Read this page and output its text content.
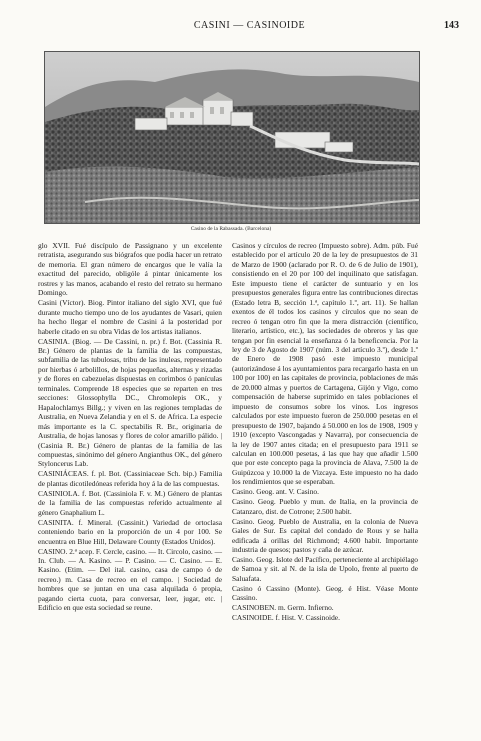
CASINI — CASINOIDE	143
Casino de la Rabassada. (Barcelona)

glo XVII. Fué discípulo de Passignano y un excelente retratista, asegurando sus biógrafos que podía hacer un retrato de memoria. El gran número de encargos que le valía la exactitud del parecido, obligóle á pintar únicamente los rostres y las manos, acabando el resto del retrato su hermano Domingo.

Casini (Víctor). Biog. Pintor italiano del siglo XVI, que fué durante mucho tiempo uno de los ayudantes de Vasari, quien ha hecho llegar el nombre de Casini á la posteridad por haberle citado en su obra Vidas de los artistas italianos.

CASINIA. (Biog. — De Cassini, n. pr.) f. Bot. (Cassinia R. Br.) Género de plantas de la familia de las compuestas, subfamilia de las tubulosas, tribu de las inuleas, representado por hierbas ó arbolillos, de hojas pequeñas, alternas y rizadas y de flores en cabezuelas dispuestas en corimbos ó panículas terminales. Comprende 18 especies que se reparten en tres secciones: Glossophylla DC., Chromolepis OK., y Hapalochlamys Billg.; y viven en las regiones templadas de Australia, en Nueva Zelandia y en el S. de Africa. La especie más importante es la C. spectabilis R. Br., originaria de Australia, de hojas lanosas y flores de color amarillo pálido. | (Casinia R. Br.) Género de plantas de la familia de las compuestas, sinónimo del género Angianthus OK., del género Styloncerus Lab.

CASINIÁCEAS. f. pl. Bot. (Cassiniaceae Sch. bip.) Familia de plantas dicotiledóneas referida hoy á la de las compuestas.

CASINIOLA. f. Bot. (Cassiniola F. v. M.) Género de plantas de la familia de las compuestas referido actualmente al género Gnaphalium L.

CASINITA. f. Mineral. (Cassinit.) Variedad de ortoclasa conteniendo bario en la proporción de un 4 por 100. Se encuentra en Blue Hill, Delaware County (Estados Unidos).

CASINO. 2.ª acep. F. Cercle, casino. — It. Circolo, casino. — In. Club. — A. Kasino. — P. Casino. — C. Casino. — E. Kasino. (Etim. — Del ital. casino, casa de campo ó de recreo.) m. Casa de recreo en el campo. | Sociedad de hombres que se juntan en una casa alquilada ó propia, pagando cierta cuota, para conversar, leer, jugar, etc. | Edificio en que esta sociedad se reune.

Casinos y círculos de recreo (Impuesto sobre). Adm. púb. Fué establecido por el artículo 20 de la ley de presupuestos de 31 de Marzo de 1900 (aclarado por R. O. de 6 de Julio de 1901), consistiendo en el 20 por 100 del inquilinato que satisfagan. Este impuesto tiene el carácter de suntuario y en los presupuestos generales figura entre las contribuciones directas (Estado letra B, sección 1.ª, capítulo 1.º, art. 11). Se hallan exentos de él todos los casinos y círculos que no sean de recreo ó tengan otro fin que la mera distracción (científico, literario, artístico, etc.), las sociedades de obreros y las que tengan por fin esencial la enseñanza ó la beneficencia. Por la ley de 3 de Agosto de 1907 (núm. 3 del artículo 3.º), desde 1.º de Enero de 1908 pasó este impuesto municipal (autorizándose á los ayuntamientos para recargarlo hasta en un 100 por 100) en las capitales de provincia, poblaciones de más de 20.000 almas y puertos de Cartagena, Gijón y Vigo, como compensación de haberse suprimido en tales poblaciones el impuesto de consumos sobre los vinos. Los ingresos calculados por este impuesto fueron de 250.000 pesetas en el presupuesto de 1907, bajando á 50.000 en los de 1908, 1909 y 1910 (excepto Vascongadas y Navarra), por consecuencia de la ley de 1907 antes citada; en el presupuesto para 1911 se calculan en 100.000 pesetas, á las que hay que añadir 1.500 que por este concepto paga la provincia de Alava, 7.500 la de Guipúzcoa y 10.000 la de Vizcaya. Este impuesto no ha dado los rendimientos que se esperaban.

Casino. Geog. ant. V. Casino.

Casino. Geog. Pueblo y mun. de Italia, en la provincia de Catanzaro, dist. de Cotrone; 2.500 habit.

Casino. Geog. Pueblo de Australia, en la colonia de Nueva Gales de Sur. Es capital del condado de Rous y se halla edificada á orillas del Richmond; 4.600 habit. Importante industria de quesos; pastos y caña de azúcar.

Casino. Geog. Islote del Pacífico, perteneciente al archipiélago de Samoa y sit. al N. de la isla de Upolo, frente al puerto de Saluafata.

Casino ó Cassino (Monte). Geog. é Hist. Véase Monte Cassino.

CASINOBEN. m. Germ. Infierno.

CASINOIDE. f. Hist. V. Cassinoide.
